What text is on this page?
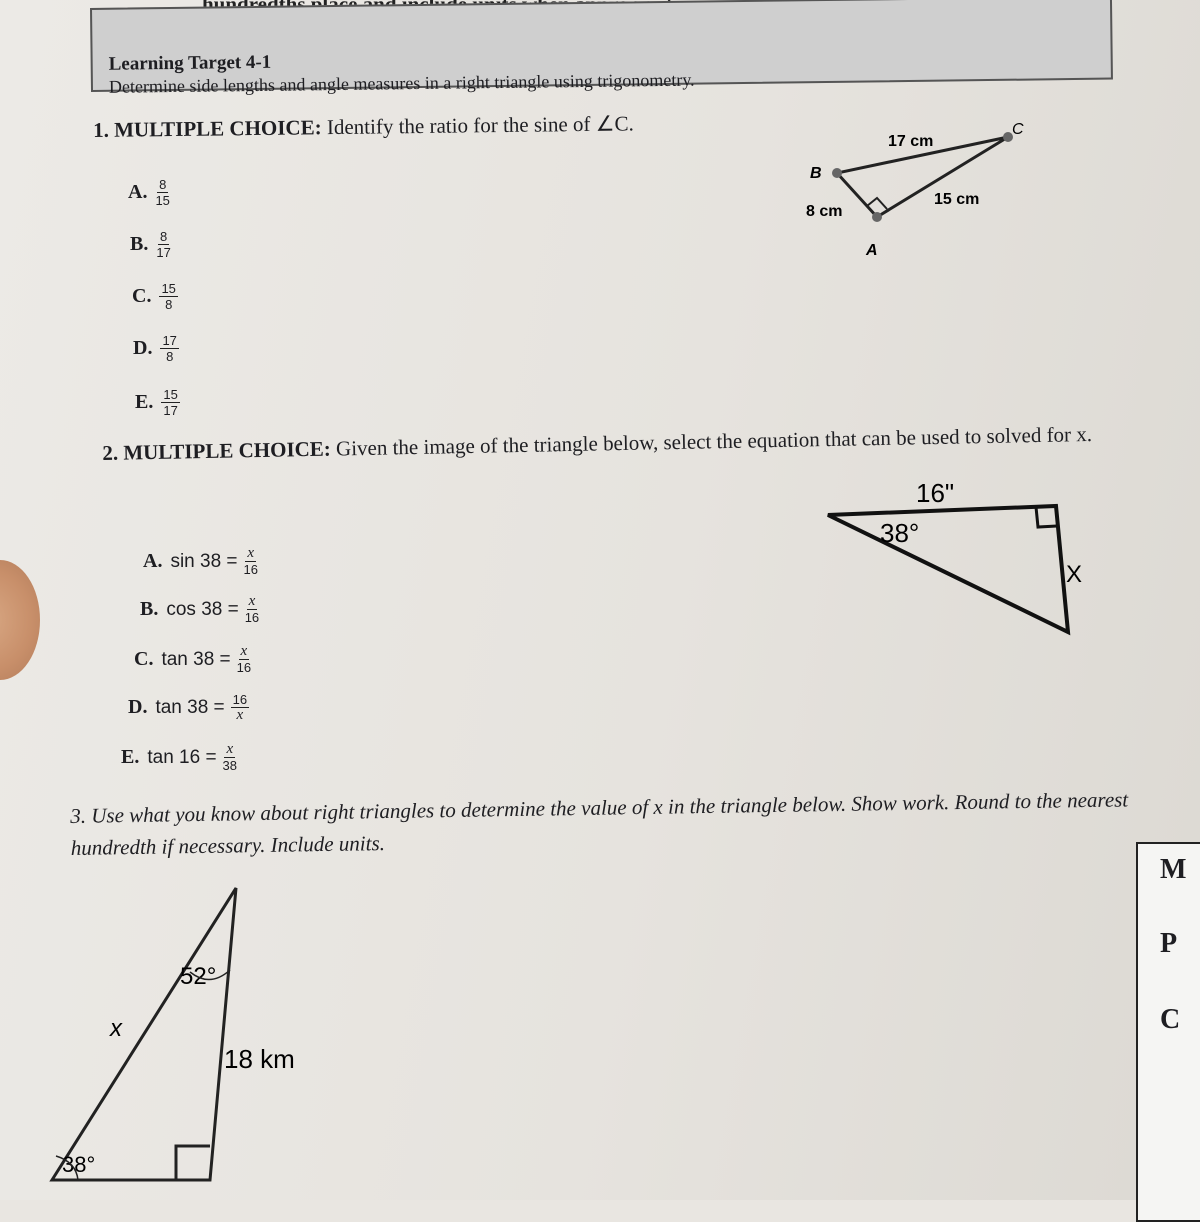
Learning Target 4-1
Determine side lengths and angle measures in a right triangle using trigonometry.
1. MULTIPLE CHOICE: Identify the ratio for the sine of ∠C.
A. $\frac{8}{15}$
B. $\frac{8}{17}$
C. $\frac{15}{8}$
D. $\frac{17}{8}$
E. $\frac{15}{17}$
B
A
C
17 cm
8 cm
15 cm
2. MULTIPLE CHOICE: Given the image of the triangle below, select the equation that can be used to solved for x.
A. $\sin 38 = \frac{x}{16}$
B. $\cos 38 = \frac{x}{16}$
C. $\tan 38 = \frac{x}{16}$
D. $\tan 38 = \frac{16}{x}$
E. $\tan 16 = \frac{x}{38}$
16"
38°
X
3. Use what you know about right triangles to determine the value of x in the triangle below. Show work. Round to the nearest hundredth if necessary. Include units.
52°
x
18 km
38°
M
P
C
